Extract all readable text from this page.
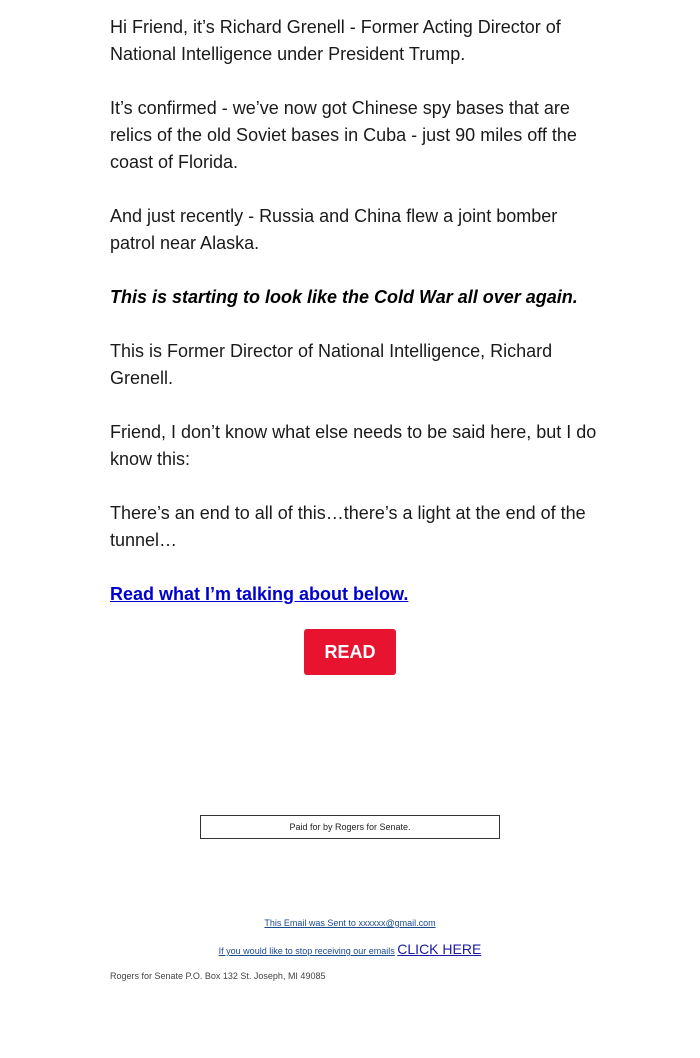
Hi Friend, it’s Richard Grenell - Former Acting Director of National Intelligence under President Trump.

It’s confirmed - we’ve now got Chinese spy bases that are relics of the old Soviet bases in Cuba - just 90 miles off the coast of Florida.

And just recently - Russia and China flew a joint bomber patrol near Alaska.

This is starting to look like the Cold War all over again.

This is Former Director of National Intelligence, Richard Grenell.

Friend, I don’t know what else needs to be said here, but I do know this:

There’s an end to all of this…there’s a light at the end of the tunnel…

Read what I’m talking about below.

READ
Paid for by Rogers for Senate.
This Email was Sent to xxxxxx@gmail.com
If you would like to stop receiving our emails CLICK HERE
Rogers for Senate P.O. Box 132 St. Joseph, MI 49085
